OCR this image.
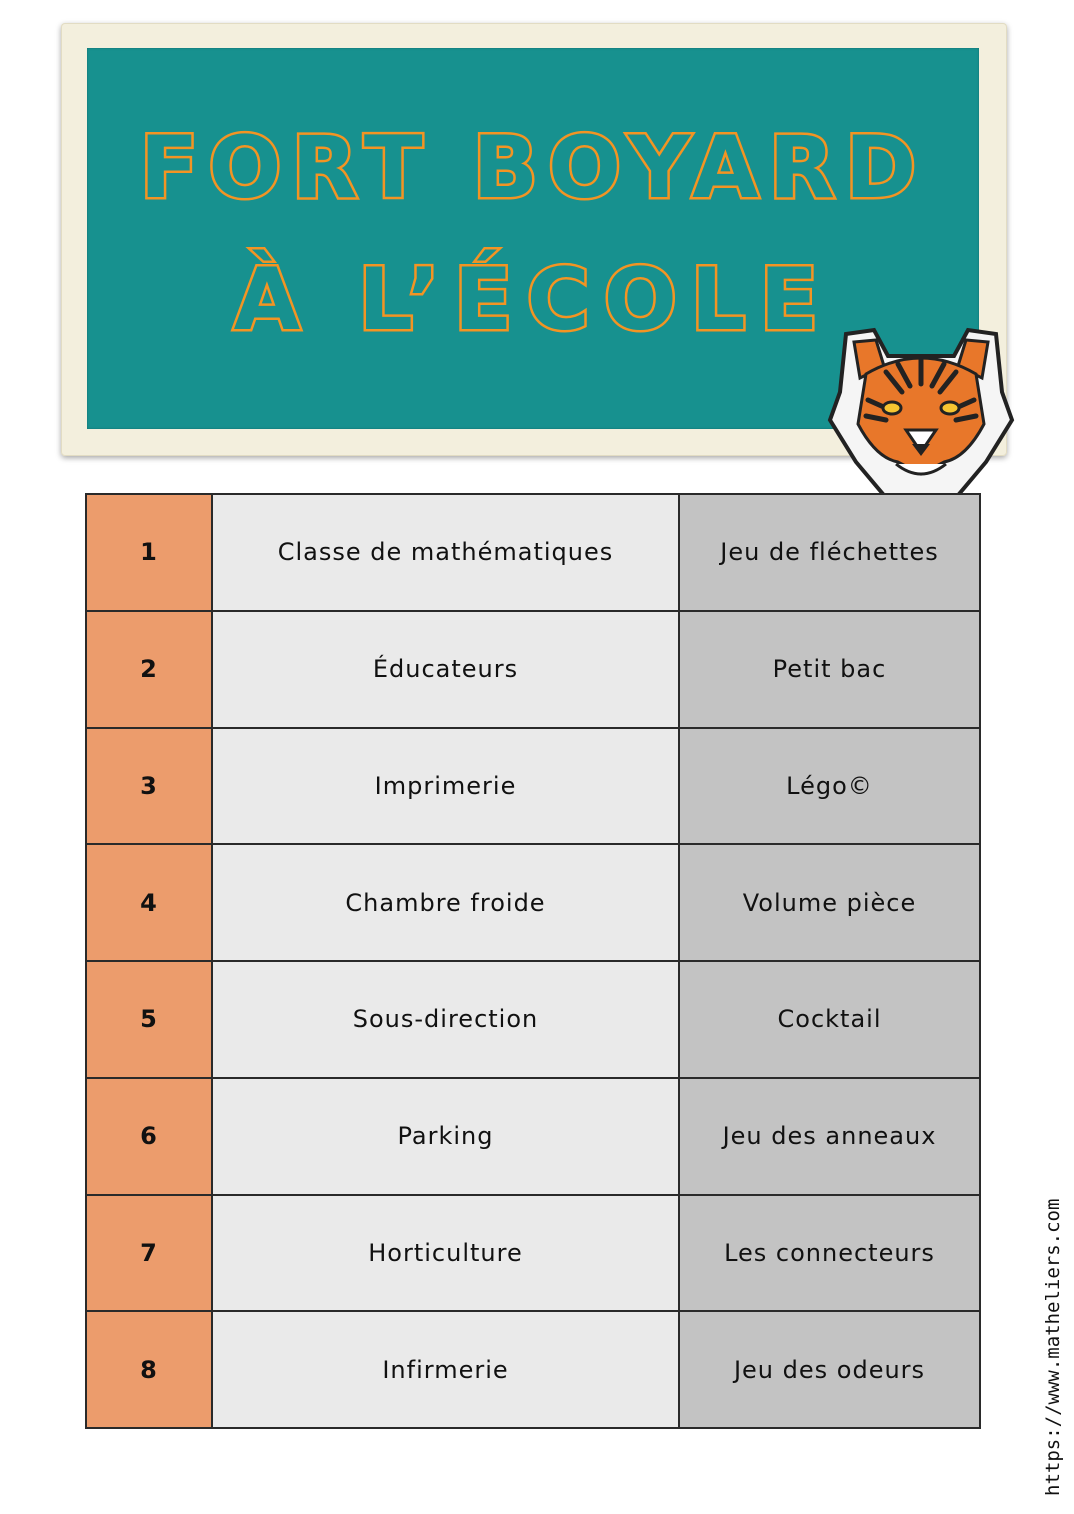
FORT BOYARD
À L’ÉCOLE
1	Classe de mathématiques	Jeu de fléchettes
2	Éducateurs	Petit bac
3	Imprimerie	Légo©
4	Chambre froide	Volume pièce
5	Sous-direction	Cocktail
6	Parking	Jeu des anneaux
7	Horticulture	Les connecteurs
8	Infirmerie	Jeu des odeurs	https://www.matheliers.com
